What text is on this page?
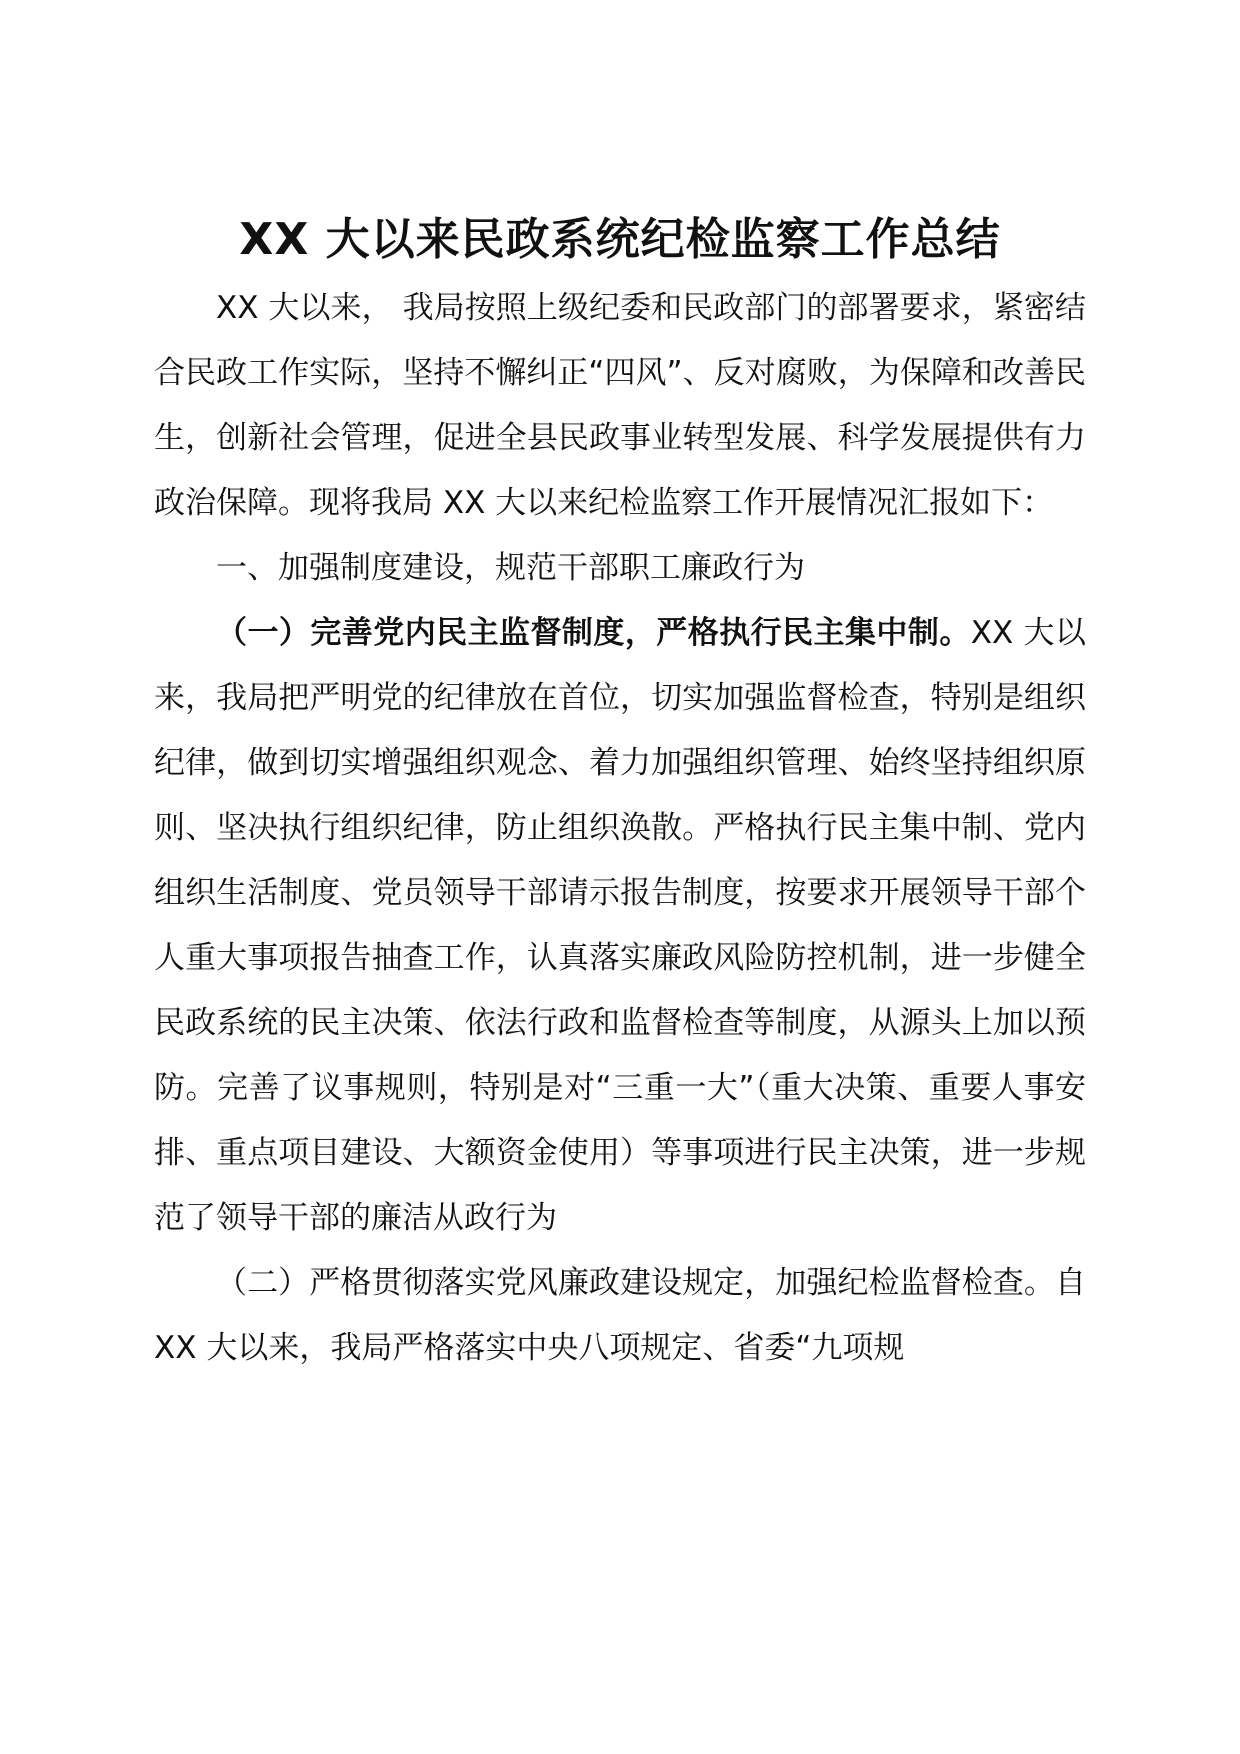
XX 大以来民政系统纪检监察工作总结

XX 大以来， 我局按照上级纪委和民政部门的部署要求，紧密结合民政工作实际，坚持不懈纠正“四风”、反对腐败，为保障和改善民生，创新社会管理，促进全县民政事业转型发展、科学发展提供有力政治保障。现将我局 XX 大以来纪检监察工作开展情况汇报如下：

一、加强制度建设，规范干部职工廉政行为

（一）完善党内民主监督制度，严格执行民主集中制。XX 大以来，我局把严明党的纪律放在首位，切实加强监督检查，特别是组织纪律，做到切实增强组织观念、着力加强组织管理、始终坚持组织原则、坚决执行组织纪律，防止组织涣散。严格执行民主集中制、党内组织生活制度、党员领导干部请示报告制度，按要求开展领导干部个人重大事项报告抽查工作，认真落实廉政风险防控机制，进一步健全民政系统的民主决策、依法行政和监督检查等制度，从源头上加以预防。完善了议事规则，特别是对“三重一大”（重大决策、重要人事安排、重点项目建设、大额资金使用）等事项进行民主决策，进一步规范了领导干部的廉洁从政行为

（二）严格贯彻落实党风廉政建设规定，加强纪检监督检查。自 XX 大以来，我局严格落实中央八项规定、省委“九项规
